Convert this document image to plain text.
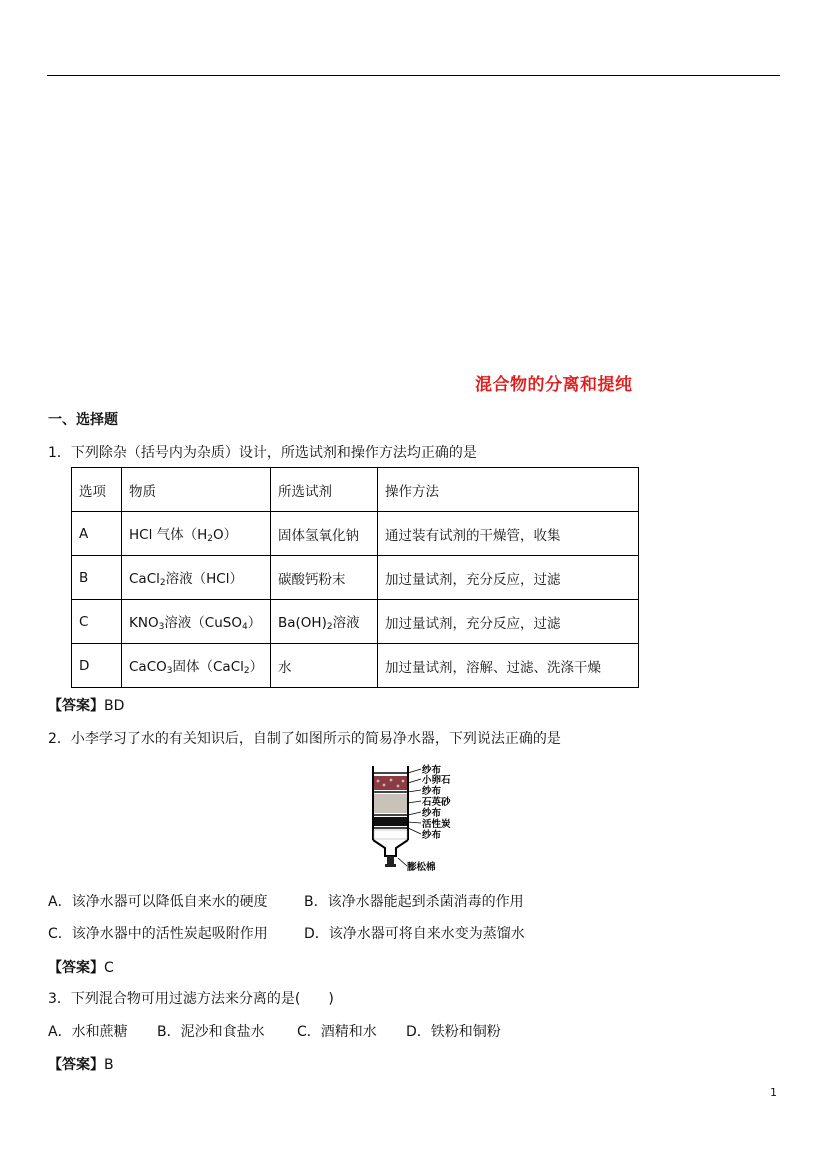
混合物的分离和提纯
一、选择题
1．下列除杂（括号内为杂质）设计，所选试剂和操作方法均正确的是
选项	物质	所选试剂	操作方法
A	HCl 气体$(H_2O)$	固体氢氧化钠	通过装有试剂的干燥管，收集
B	CaCl$_2$溶液（HCl）	碳酸钙粉末	加过量试剂，充分反应，过滤
C	$KNO_3$溶液（CuSO$_4$）	$Ba(OH)_2$溶液	加过量试剂，充分反应，过滤
D	CaCO$_3$固体（CaCl$_2$）	水	加过量试剂，溶解、过滤、洗涤干燥
【答案】BD
2．小李学习了水的有关知识后，自制了如图所示的简易净水器，下列说法正确的是
纱布
小卵石
纱布
石英砂
纱布
活性炭
纱布
膨松棉
A．该净水器可以降低自来水的硬度	B．该净水器能起到杀菌消毒的作用
C．该净水器中的活性炭起吸附作用	D．该净水器可将自来水变为蒸馏水
【答案】C
3．下列混合物可用过滤方法来分离的是(　　)
A．水和蔗糖 B．泥沙和食盐水 C．酒精和水 D．铁粉和铜粉
【答案】B
1
